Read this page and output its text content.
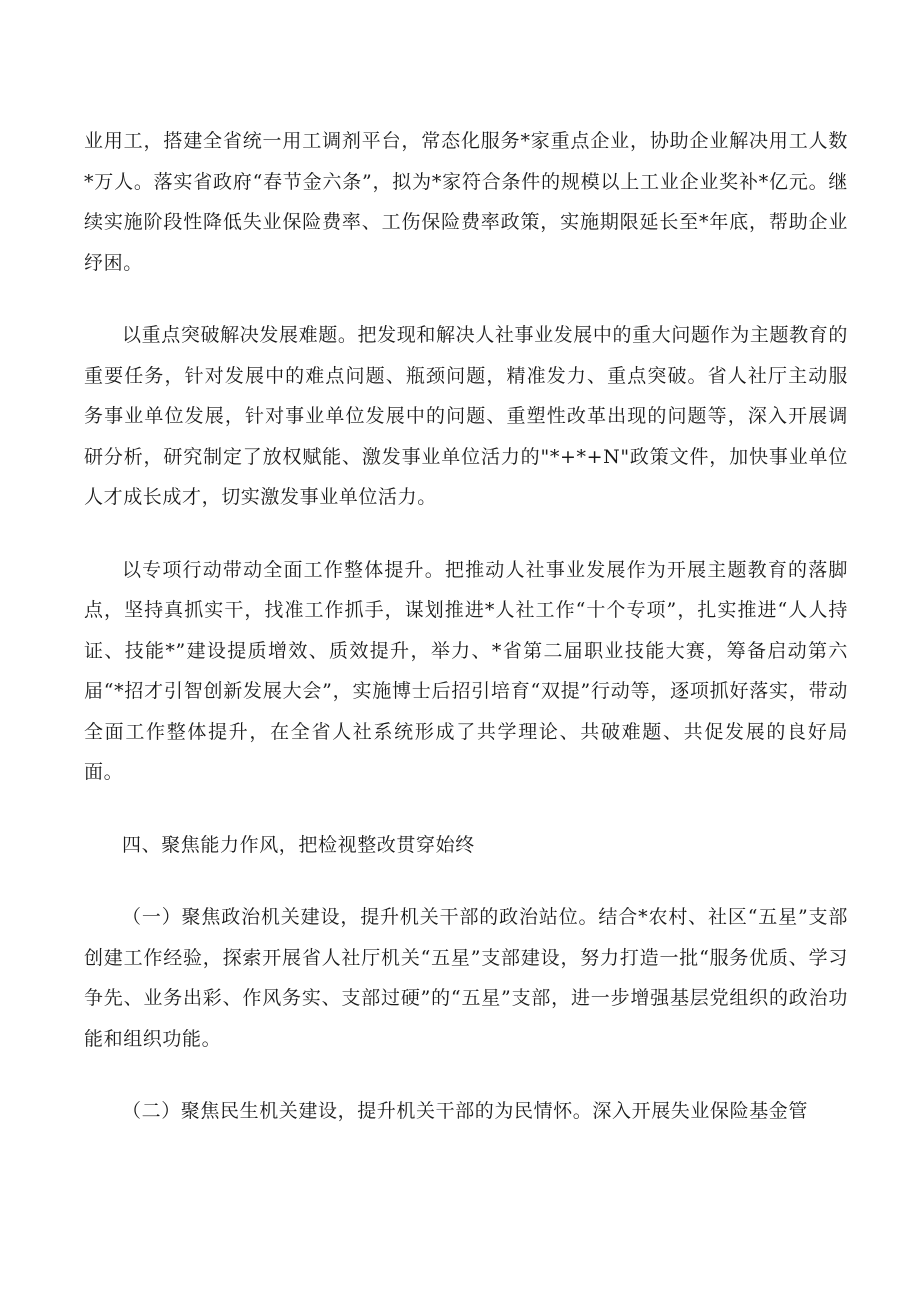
业用工，搭建全省统一用工调剂平台，常态化服务*家重点企业，协助企业解决用工人数*万人。落实省政府“春节金六条”，拟为*家符合条件的规模以上工业企业奖补*亿元。继续实施阶段性降低失业保险费率、工伤保险费率政策，实施期限延长至*年底，帮助企业纾困。

以重点突破解决发展难题。把发现和解决人社事业发展中的重大问题作为主题教育的重要任务，针对发展中的难点问题、瓶颈问题，精准发力、重点突破。省人社厅主动服务事业单位发展，针对事业单位发展中的问题、重塑性改革出现的问题等，深入开展调研分析，研究制定了放权赋能、激发事业单位活力的"*+*+N"政策文件，加快事业单位人才成长成才，切实激发事业单位活力。

以专项行动带动全面工作整体提升。把推动人社事业发展作为开展主题教育的落脚点，坚持真抓实干，找准工作抓手，谋划推进*人社工作“十个专项”，扎实推进“人人持证、技能*”建设提质增效、质效提升，举力、*省第二届职业技能大赛，筹备启动第六届“*招才引智创新发展大会”，实施博士后招引培育“双提”行动等，逐项抓好落实，带动全面工作整体提升，在全省人社系统形成了共学理论、共破难题、共促发展的良好局面。

四、聚焦能力作风，把检视整改贯穿始终

（一）聚焦政治机关建设，提升机关干部的政治站位。结合*农村、社区“五星”支部创建工作经验，探索开展省人社厅机关“五星”支部建设，努力打造一批“服务优质、学习争先、业务出彩、作风务实、支部过硬”的“五星”支部，进一步增强基层党组织的政治功能和组织功能。

（二）聚焦民生机关建设，提升机关干部的为民情怀。深入开展失业保险基金管
